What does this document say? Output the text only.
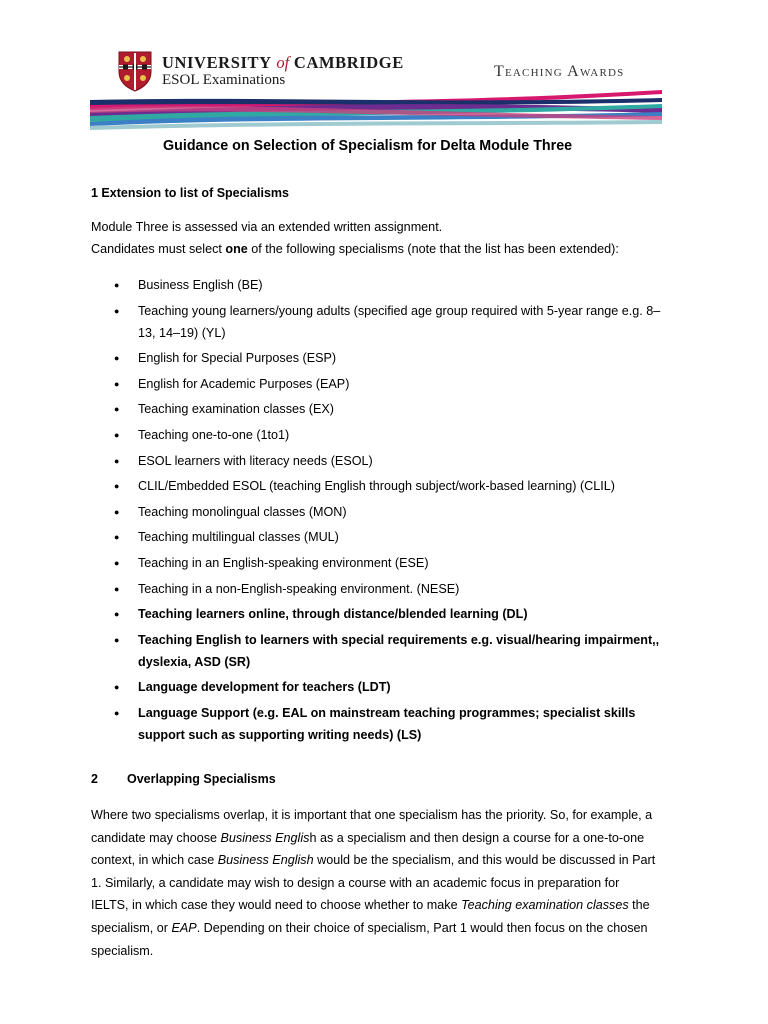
UNIVERSITY of CAMBRIDGE
ESOL Examinations	Teaching Awards
Guidance on Selection of Specialism for Delta Module Three
1 Extension to list of Specialisms
Module Three is assessed via an extended written assignment.
Candidates must select one of the following specialisms (note that the list has been extended):
● Business English (BE)
● Teaching young learners/young adults (specified age group required with 5-year range e.g. 8–
13, 14–19) (YL)
● English for Special Purposes (ESP)
● English for Academic Purposes (EAP)
● Teaching examination classes (EX)
● Teaching one-to-one (1to1)
● ESOL learners with literacy needs (ESOL)
● CLIL/Embedded ESOL (teaching English through subject/work-based learning) (CLIL)
● Teaching monolingual classes (MON)
● Teaching multilingual classes (MUL)
● Teaching in an English-speaking environment (ESE)
● Teaching in a non-English-speaking environment. (NESE)
● Teaching learners online, through distance/blended learning (DL)
● Teaching English to learners with special requirements e.g. visual/hearing impairment,,
dyslexia, ASD (SR)
● Language development for teachers (LDT)
● Language Support (e.g. EAL on mainstream teaching programmes; specialist skills
support such as supporting writing needs) (LS)
2 Overlapping Specialisms
Where two specialisms overlap, it is important that one specialism has the priority. So, for example, a
candidate may choose Business English as a specialism and then design a course for a one-to-one
context, in which case Business English would be the specialism, and this would be discussed in Part
1. Similarly, a candidate may wish to design a course with an academic focus in preparation for
IELTS, in which case they would need to choose whether to make Teaching examination classes the
specialism, or EAP. Depending on their choice of specialism, Part 1 would then focus on the chosen
specialism.
